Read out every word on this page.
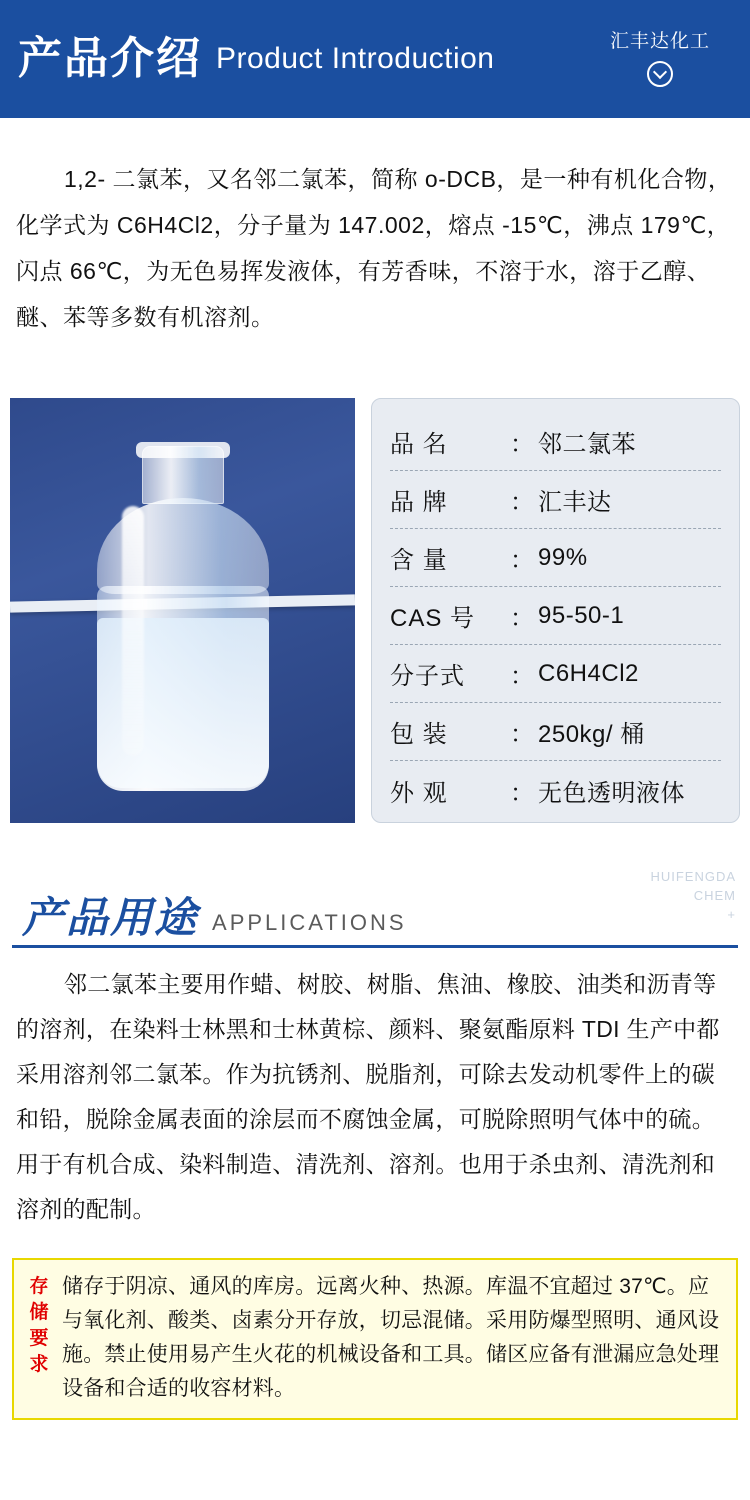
产品介绍 Product Introduction
汇丰达化工
1,2- 二氯苯，又名邻二氯苯，简称 o-DCB，是一种有机化合物，化学式为 C6H4Cl2，分子量为 147.002，熔点 -15℃，沸点 179℃，闪点 66℃，为无色易挥发液体，有芳香味，不溶于水，溶于乙醇、醚、苯等多数有机溶剂。
品 名	： 邻二氯苯
品 牌	： 汇丰达
含 量	： 99%
CAS 号	： 95-50-1
分子式	： C6H4Cl2
包 装	： 250kg/ 桶
外 观	： 无色透明液体
产品用途 APPLICATIONS
HUIFENGDA
CHEM
+
邻二氯苯主要用作蜡、树胶、树脂、焦油、橡胶、油类和沥青等的溶剂，在染料士林黑和士林黄棕、颜料、聚氨酯原料 TDI 生产中都采用溶剂邻二氯苯。作为抗锈剂、脱脂剂，可除去发动机零件上的碳和铅，脱除金属表面的涂层而不腐蚀金属，可脱除照明气体中的硫。用于有机合成、染料制造、清洗剂、溶剂。也用于杀虫剂、清洗剂和溶剂的配制。
存储要求
储存于阴凉、通风的库房。远离火种、热源。库温不宜超过 37℃。应与氧化剂、酸类、卤素分开存放，切忌混储。采用防爆型照明、通风设施。禁止使用易产生火花的机械设备和工具。储区应备有泄漏应急处理设备和合适的收容材料。
